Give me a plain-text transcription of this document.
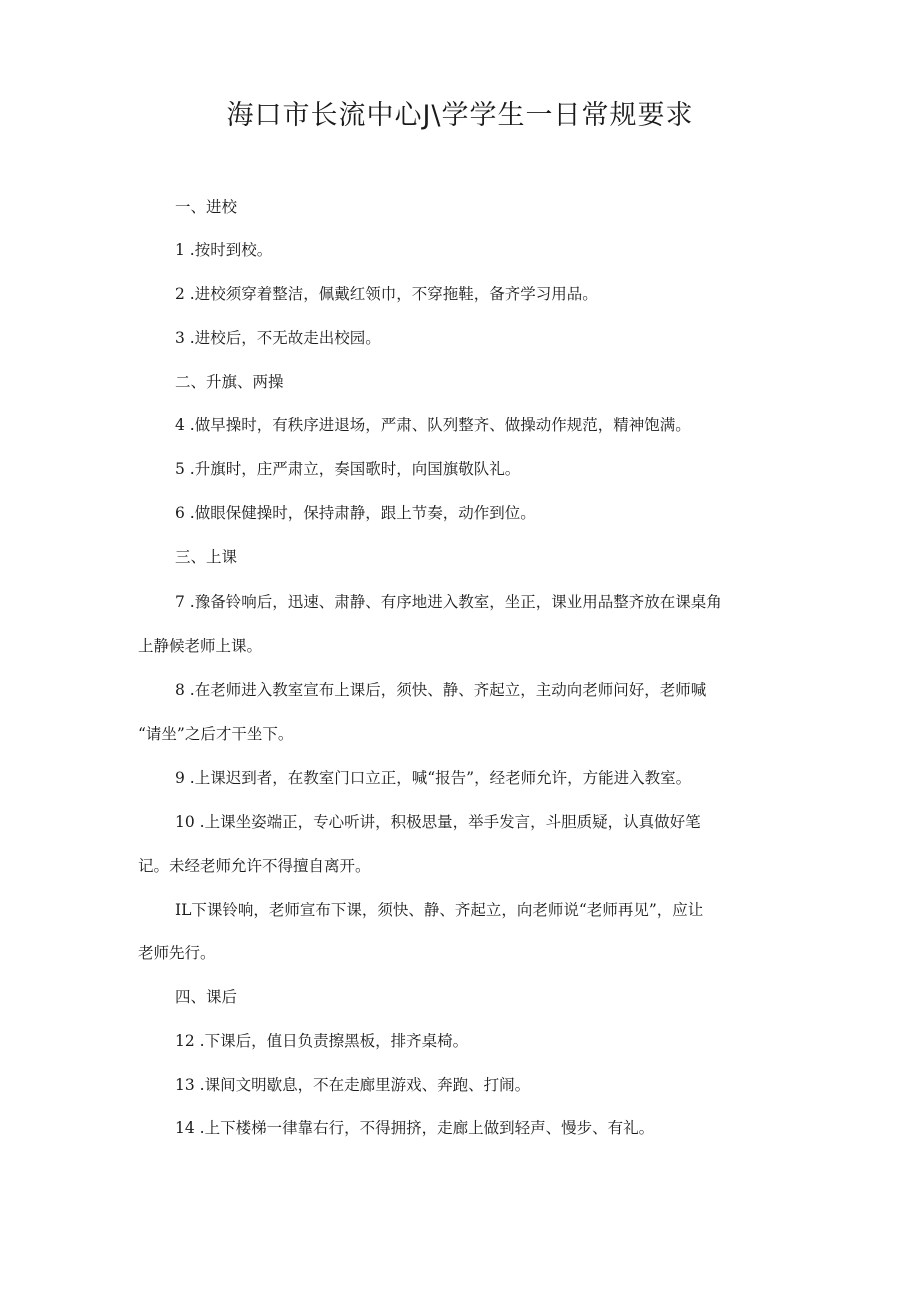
海口市长流中心J\学学生一日常规要求
一、进校
1 .按时到校。
2 .进校须穿着整洁，佩戴红领巾，不穿拖鞋，备齐学习用品。
3 .进校后，不无故走出校园。
二、升旗、两操
4 .做早操时，有秩序进退场，严肃、队列整齐、做操动作规范，精神饱满。
5 .升旗时，庄严肃立，奏国歌时，向国旗敬队礼。
6 .做眼保健操时，保持肃静，跟上节奏，动作到位。
三、上课
7 .豫备铃响后，迅速、肃静、有序地进入教室，坐正，课业用品整齐放在课桌角
上静候老师上课。
8 .在老师进入教室宣布上课后，须快、静、齐起立，主动向老师问好，老师喊
“请坐”之后才干坐下。
9 .上课迟到者，在教室门口立正，喊“报告”，经老师允许，方能进入教室。
10 .上课坐姿端正，专心听讲，积极思量，举手发言，斗胆质疑，认真做好笔
记。未经老师允许不得擅自离开。
IL下课铃响，老师宣布下课，须快、静、齐起立，向老师说“老师再见”，应让
老师先行。
四、课后
12 .下课后，值日负责擦黑板，排齐桌椅。
13 .课间文明歇息，不在走廊里游戏、奔跑、打闹。
14 .上下楼梯一律靠右行，不得拥挤，走廊上做到轻声、慢步、有礼。
